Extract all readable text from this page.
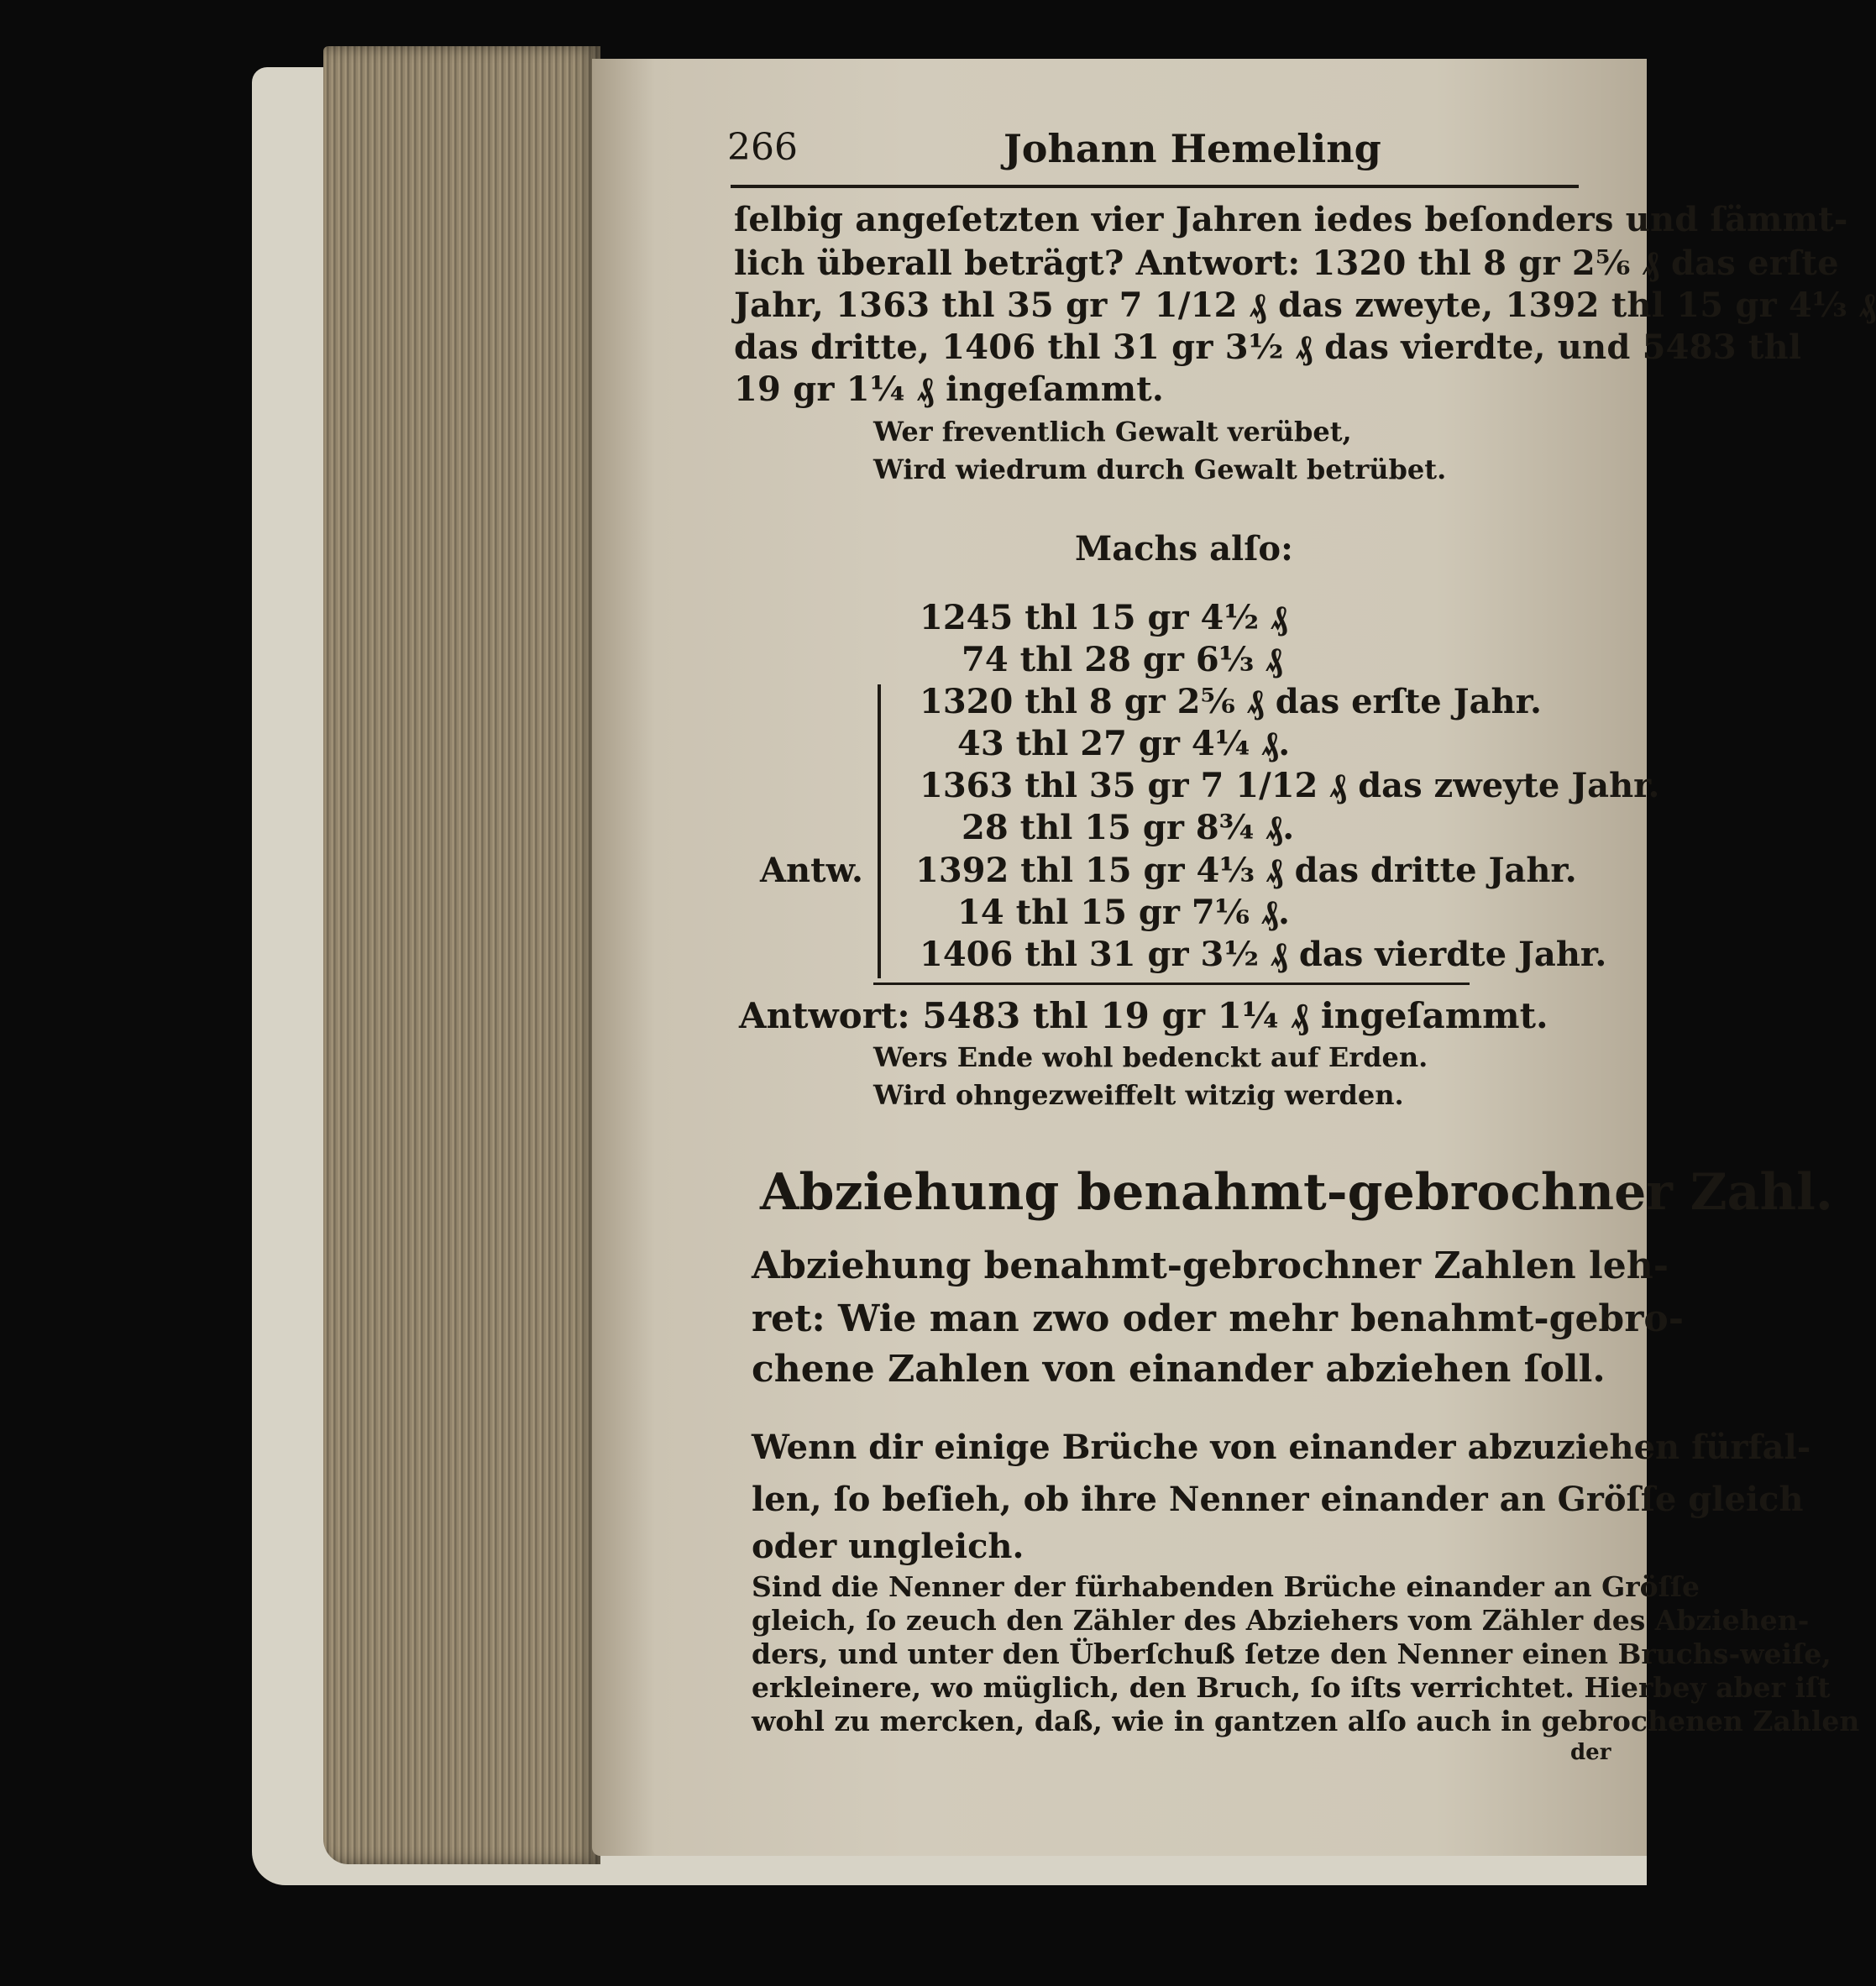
266	Johann Hemeling
ſelbig angeſetzten vier Jahren iedes beſonders und ſämmt‑
lich überall beträgt? Antwort: 1320 thl 8 gr 2⅚ ₰ das erſte
Jahr, 1363 thl 35 gr 7 1/12 ₰ das zweyte, 1392 thl 15 gr 4⅓ ₰
das dritte, 1406 thl 31 gr 3½ ₰ das vierdte, und 5483 thl
19 gr 1¼ ₰ ingeſammt.
Wer freventlich Gewalt verübet,
Wird wiedrum durch Gewalt betrübet.
Machs alſo:
1245 thl 15 gr 4½ ₰
74 thl 28 gr 6⅓ ₰
1320 thl 8 gr 2⅚ ₰ das erſte Jahr.
43 thl 27 gr 4¼ ₰.
1363 thl 35 gr 7 1/12 ₰ das zweyte Jahr.
28 thl 15 gr 8¾ ₰.
1392 thl 15 gr 4⅓ ₰ das dritte Jahr.
14 thl 15 gr 7⅙ ₰.
1406 thl 31 gr 3½ ₰ das vierdte Jahr.
Antw.
Antwort: 5483 thl 19 gr 1¼ ₰ ingeſammt.
Wers Ende wohl bedenckt auf Erden.
Wird ohngezweiffelt witzig werden.
Abziehung benahmt‑gebrochner Zahl.
Abziehung benahmt‑gebrochner Zahlen leh‑
ret: Wie man zwo oder mehr benahmt‑gebro‑
chene Zahlen von einander abziehen ſoll.
Wenn dir einige Brüche von einander abzuziehen fürfal‑
len, ſo beſieh, ob ihre Nenner einander an Gröſſe gleich
oder ungleich.
Sind die Nenner der fürhabenden Brüche einander an Gröſſe
gleich, ſo zeuch den Zähler des Abziehers vom Zähler des Abziehen‑
ders, und unter den Überſchuß ſetze den Nenner einen Bruchs‑weiſe,
erkleinere, wo müglich, den Bruch, ſo iſts verrichtet. Hierbey aber iſt
wohl zu mercken, daß, wie in gantzen alſo auch in gebrochenen Zahlen
der
